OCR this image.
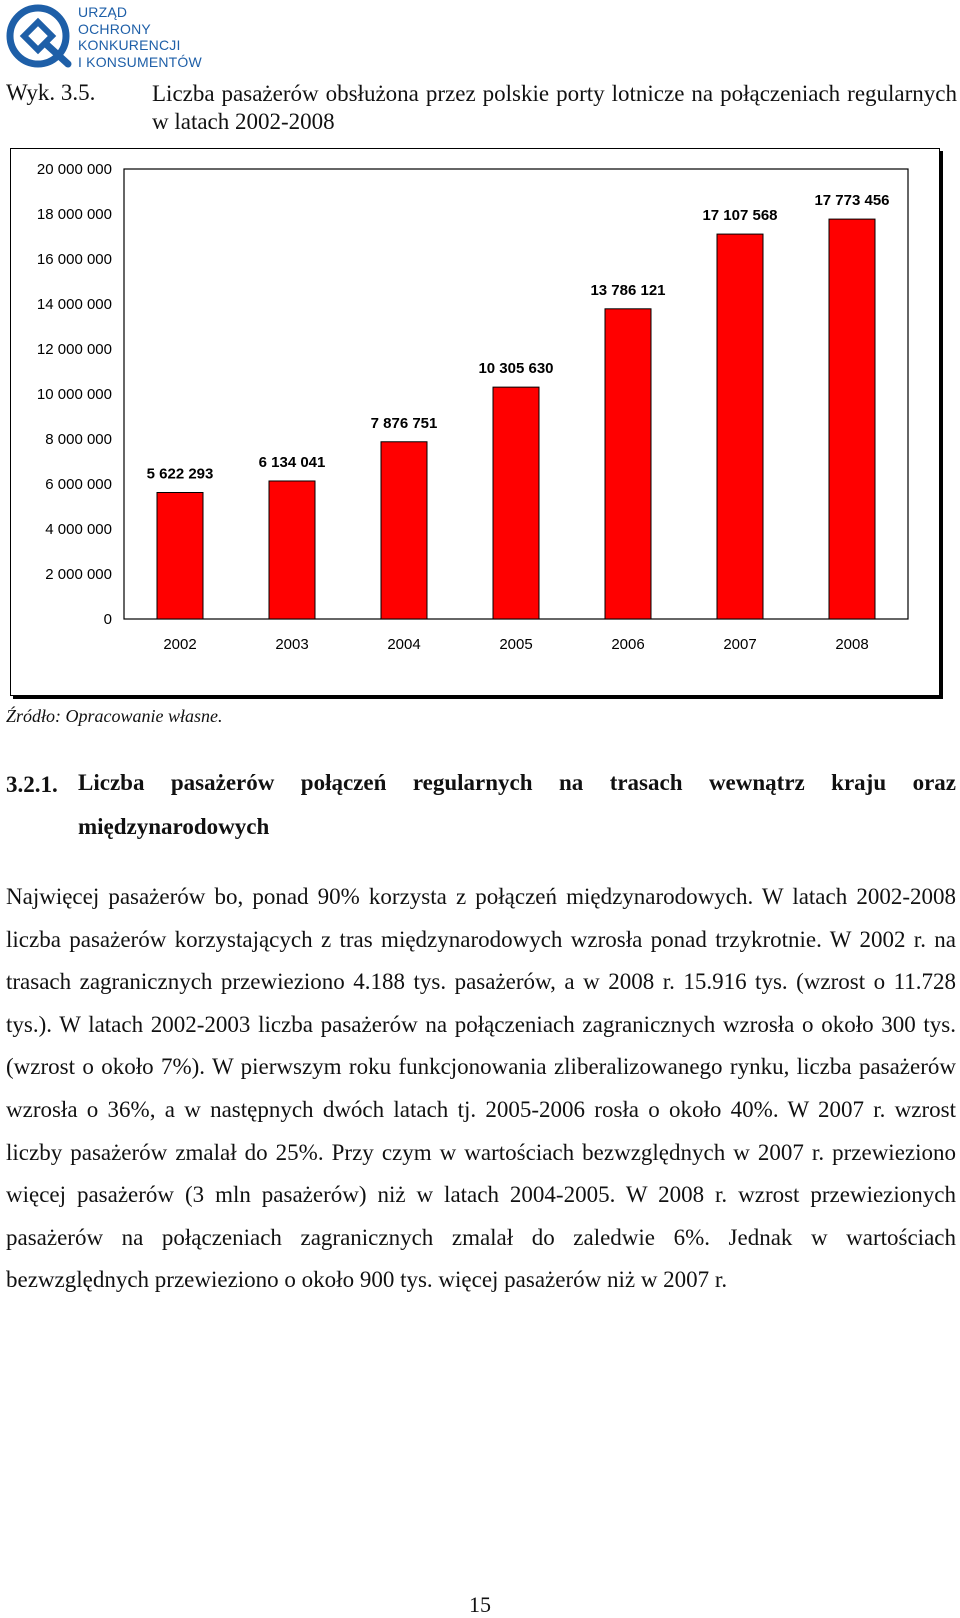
URZĄD
OCHRONY
KONKURENCJI
I KONSUMENTÓW
Wyk. 3.5. Liczba pasażerów obsłużona przez polskie porty lotnicze na połączeniach regularnych w latach 2002-2008
0
2 000 000
4 000 000
6 000 000
8 000 000
10 000 000
12 000 000
14 000 000
16 000 000
18 000 000
20 000 000
5 622 293
2002
6 134 041
2003
7 876 751
2004
10 305 630
2005
13 786 121
2006
17 107 568
2007
17 773 456
2008
Źródło: Opracowanie własne.
3.2.1. Liczba pasażerów połączeń regularnych na trasach wewnątrz kraju oraz międzynarodowych

Najwięcej pasażerów bo, ponad 90% korzysta z połączeń międzynarodowych. W latach 2002-2008 liczba pasażerów korzystających z tras międzynarodowych wzrosła ponad trzykrotnie. W 2002 r. na trasach zagranicznych przewieziono 4.188 tys. pasażerów, a w 2008 r. 15.916 tys. (wzrost o 11.728 tys.). W latach 2002-2003 liczba pasażerów na połączeniach zagranicznych wzrosła o około 300 tys. (wzrost o około 7%). W pierwszym roku funkcjonowania zliberalizowanego rynku, liczba pasażerów wzrosła o 36%, a w następnych dwóch latach tj. 2005-2006 rosła o około 40%. W 2007 r. wzrost liczby pasażerów zmalał do 25%. Przy czym w wartościach bezwzględnych w 2007 r. przewieziono więcej pasażerów (3 mln pasażerów) niż w latach 2004-2005. W 2008 r. wzrost przewiezionych pasażerów na połączeniach zagranicznych zmalał do zaledwie 6%. Jednak w wartościach bezwzględnych przewieziono o około 900 tys. więcej pasażerów niż w 2007 r.

15
